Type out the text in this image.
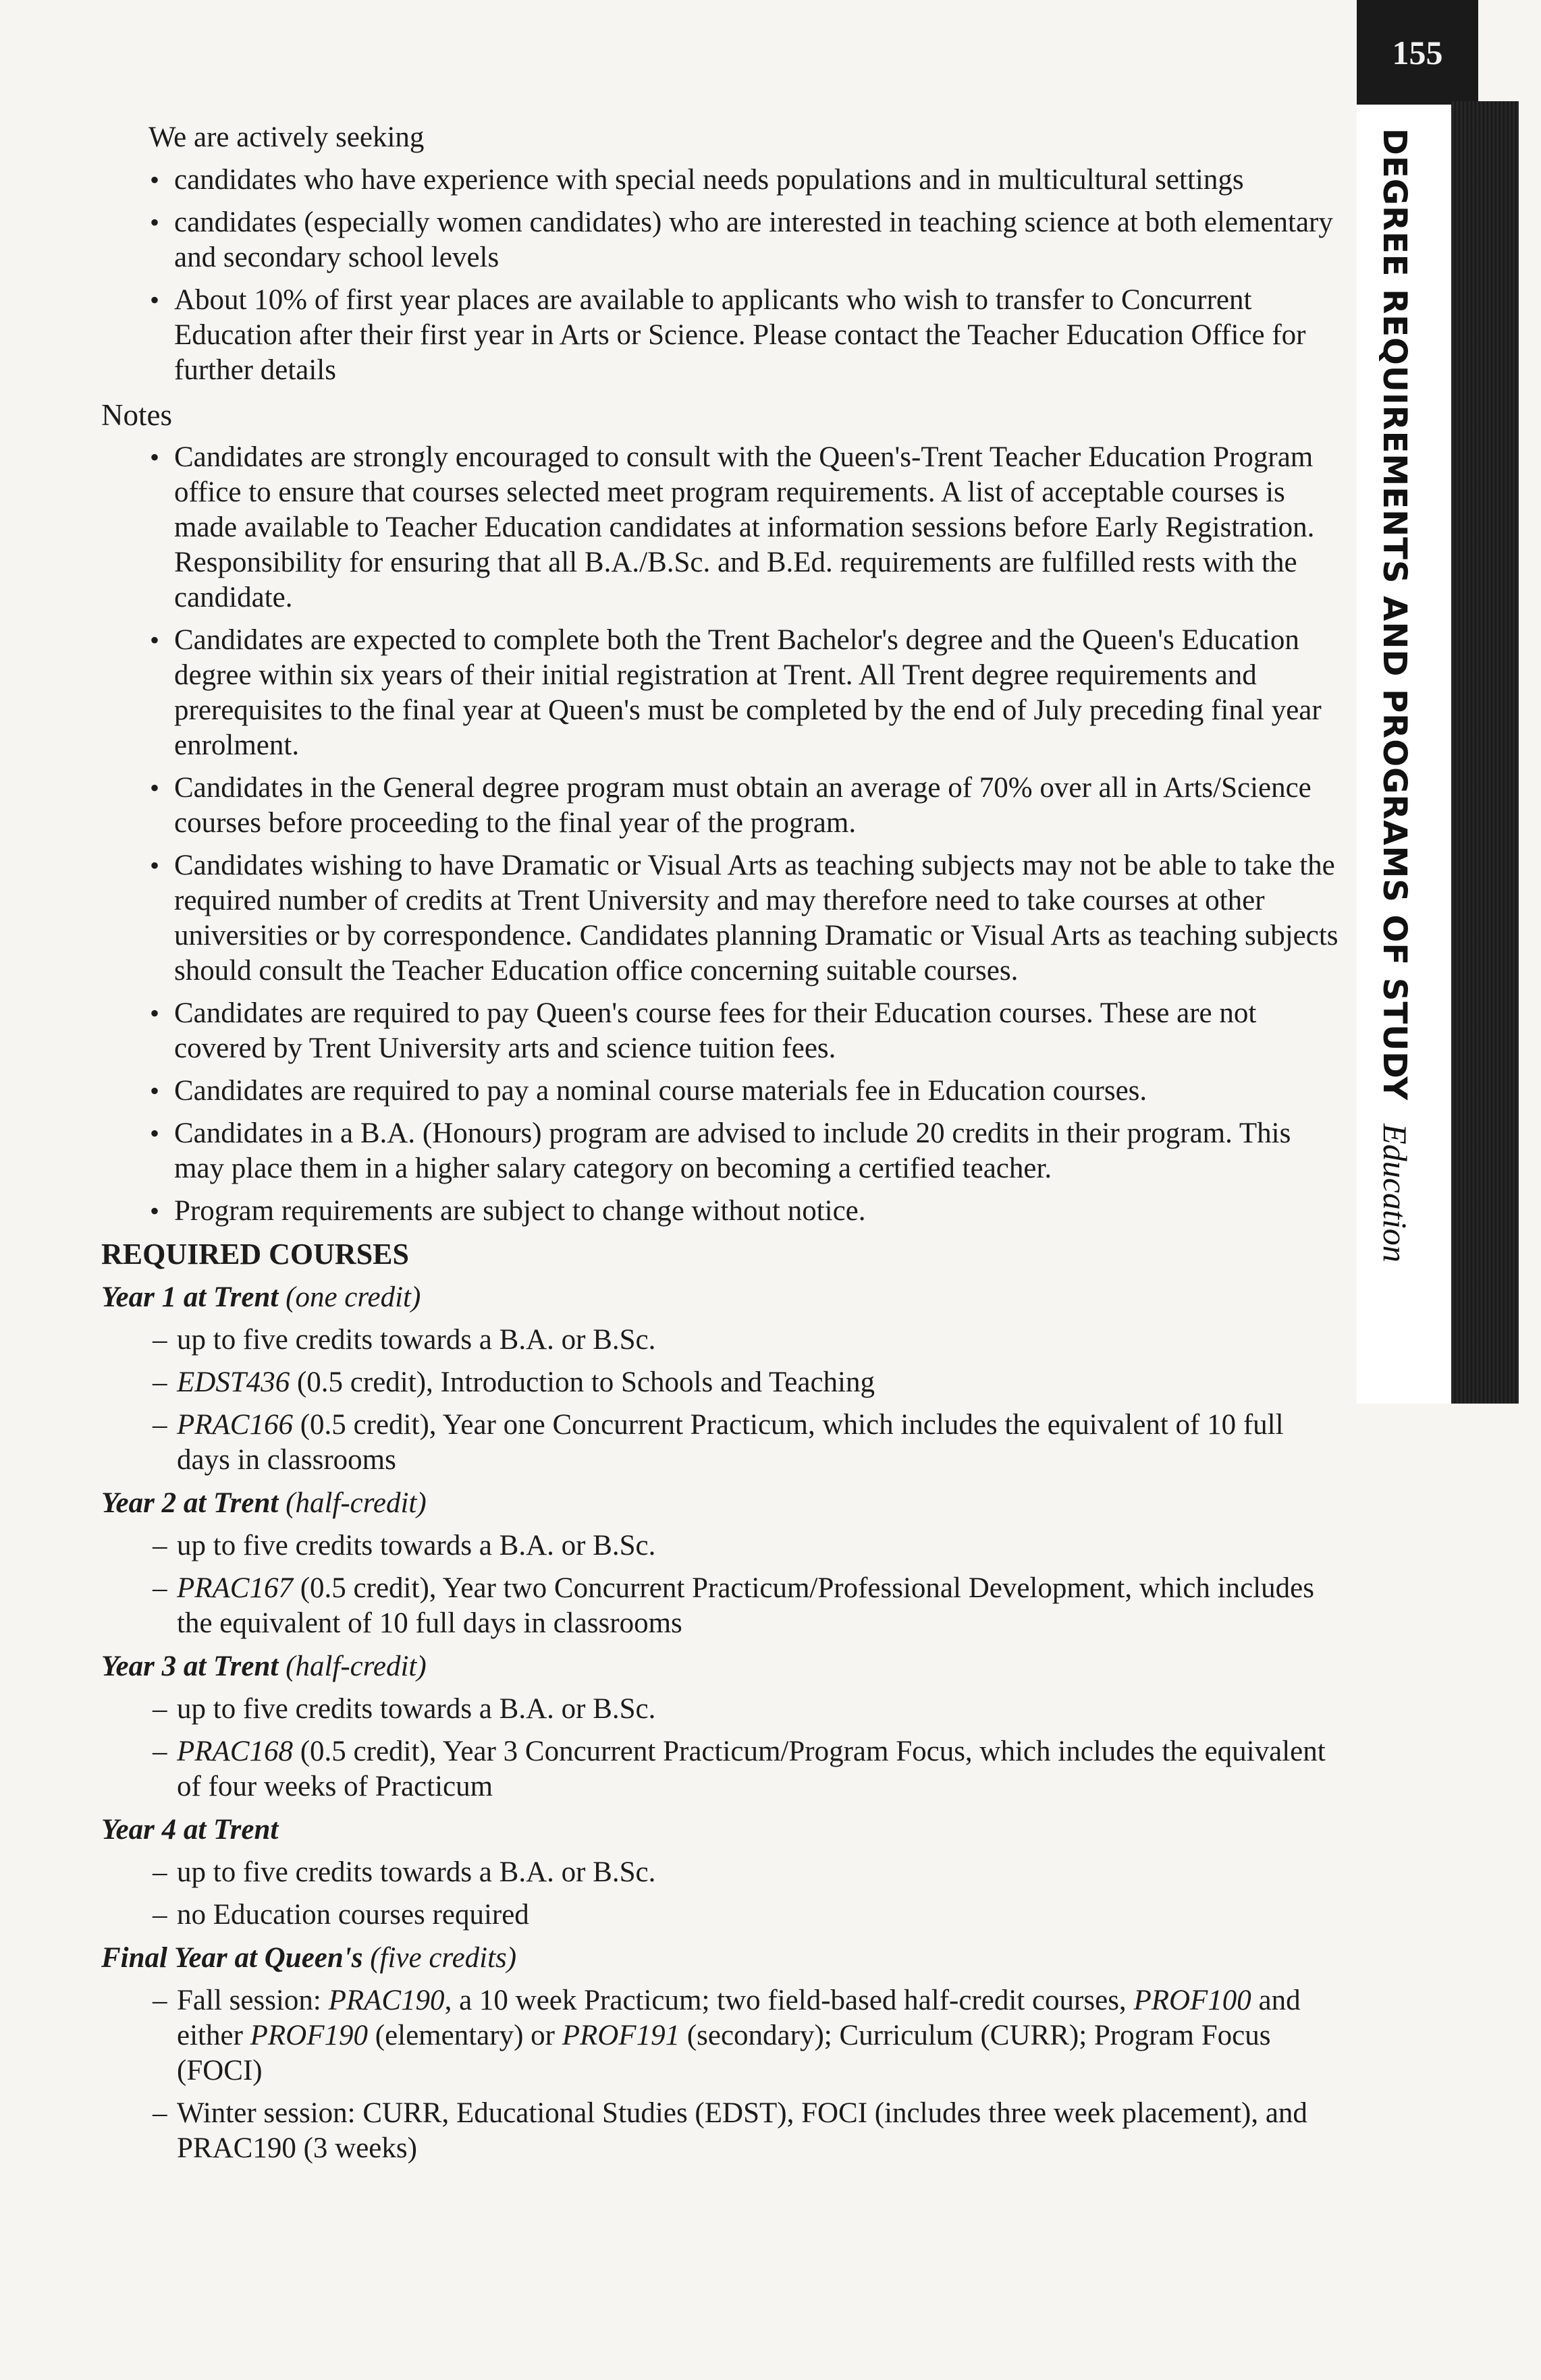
155
DEGREE REQUIREMENTS AND PROGRAMS OF STUDYEducation
We are actively seeking
• candidates who have experience with special needs populations and in multicultural settings
• candidates (especially women candidates) who are interested in teaching science at both elementary and secondary school levels
• About 10% of first year places are available to applicants who wish to transfer to Concurrent Education after their first year in Arts or Science. Please contact the Teacher Education Office for further details
Notes
• Candidates are strongly encouraged to consult with the Queen's-Trent Teacher Education Program office to ensure that courses selected meet program requirements. A list of acceptable courses is made available to Teacher Education candidates at information sessions before Early Registration. Responsibility for ensuring that all B.A./B.Sc. and B.Ed. requirements are fulfilled rests with the candidate.
• Candidates are expected to complete both the Trent Bachelor's degree and the Queen's Education degree within six years of their initial registration at Trent. All Trent degree requirements and prerequisites to the final year at Queen's must be completed by the end of July preceding final year enrolment.
• Candidates in the General degree program must obtain an average of 70% over all in Arts/Science courses before proceeding to the final year of the program.
• Candidates wishing to have Dramatic or Visual Arts as teaching subjects may not be able to take the required number of credits at Trent University and may therefore need to take courses at other universities or by correspondence. Candidates planning Dramatic or Visual Arts as teaching subjects should consult the Teacher Education office concerning suitable courses.
• Candidates are required to pay Queen's course fees for their Education courses. These are not covered by Trent University arts and science tuition fees.
• Candidates are required to pay a nominal course materials fee in Education courses.
• Candidates in a B.A. (Honours) program are advised to include 20 credits in their program. This may place them in a higher salary category on becoming a certified teacher.
• Program requirements are subject to change without notice.
REQUIRED COURSES
Year 1 at Trent (one credit)
– up to five credits towards a B.A. or B.Sc.
– EDST436 (0.5 credit), Introduction to Schools and Teaching
– PRAC166 (0.5 credit), Year one Concurrent Practicum, which includes the equivalent of 10 full days in classrooms
Year 2 at Trent (half-credit)
– up to five credits towards a B.A. or B.Sc.
– PRAC167 (0.5 credit), Year two Concurrent Practicum/Professional Development, which includes the equivalent of 10 full days in classrooms
Year 3 at Trent (half-credit)
– up to five credits towards a B.A. or B.Sc.
– PRAC168 (0.5 credit), Year 3 Concurrent Practicum/Program Focus, which includes the equivalent of four weeks of Practicum
Year 4 at Trent
– up to five credits towards a B.A. or B.Sc.
– no Education courses required
Final Year at Queen's (five credits)
– Fall session: PRAC190, a 10 week Practicum; two field-based half-credit courses, PROF100 and either PROF190 (elementary) or PROF191 (secondary); Curriculum (CURR); Program Focus (FOCI)
– Winter session: CURR, Educational Studies (EDST), FOCI (includes three week placement), and PRAC190 (3 weeks)
